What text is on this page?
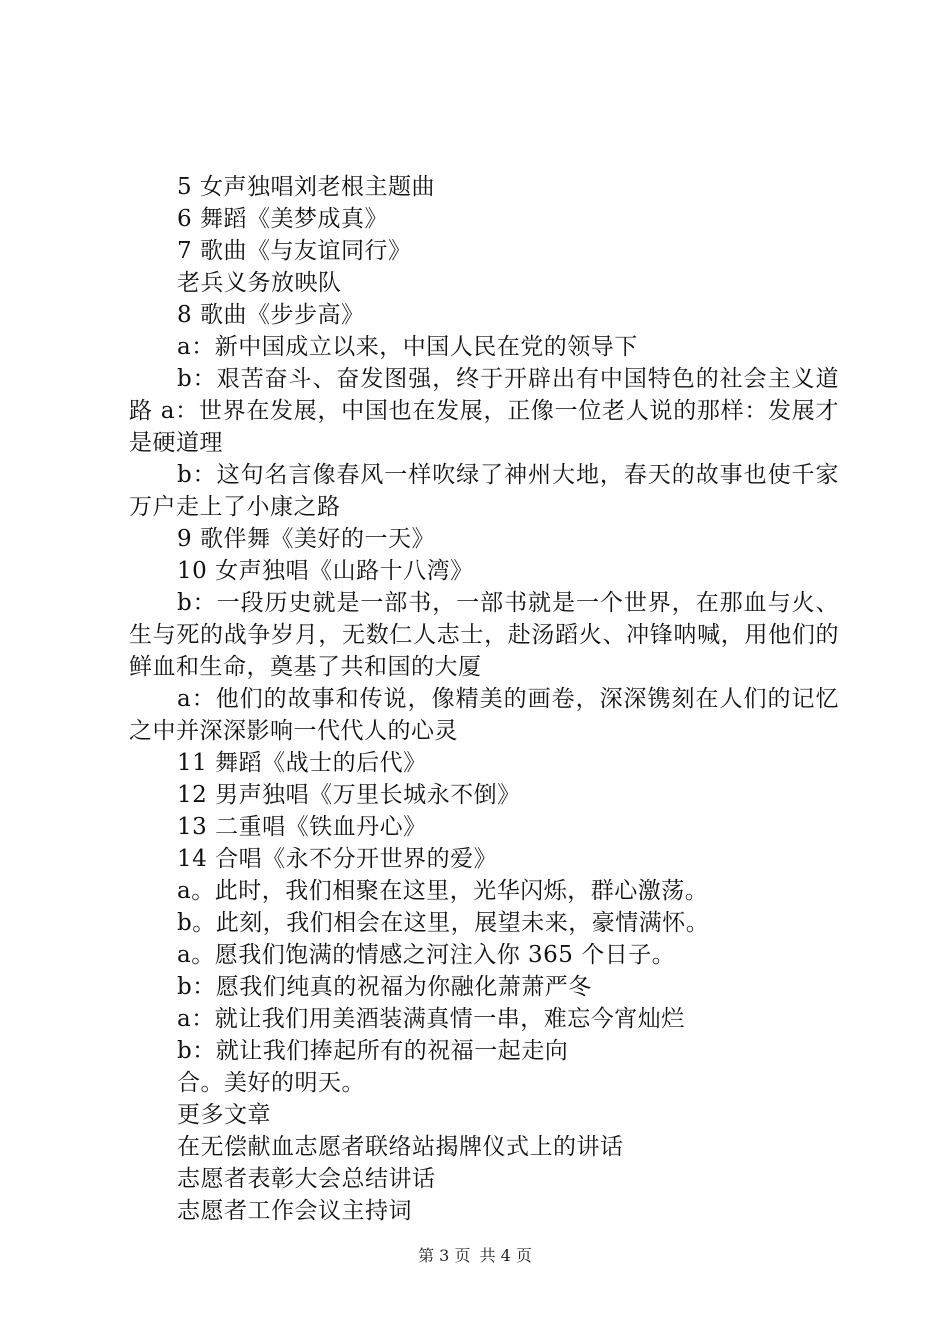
5 女声独唱刘老根主题曲
6 舞蹈《美梦成真》
7 歌曲《与友谊同行》
老兵义务放映队
8 歌曲《步步高》
a：新中国成立以来，中国人民在党的领导下
b：艰苦奋斗、奋发图强，终于开辟出有中国特色的社会主义道路 a：世界在发展，中国也在发展，正像一位老人说的那样：发展才是硬道理
b：这句名言像春风一样吹绿了神州大地，春天的故事也使千家万户走上了小康之路
9 歌伴舞《美好的一天》
10 女声独唱《山路十八湾》
b：一段历史就是一部书，一部书就是一个世界，在那血与火、生与死的战争岁月，无数仁人志士，赴汤蹈火、冲锋呐喊，用他们的鲜血和生命，奠基了共和国的大厦
a：他们的故事和传说，像精美的画卷，深深镌刻在人们的记忆之中并深深影响一代代人的心灵
11 舞蹈《战士的后代》
12 男声独唱《万里长城永不倒》
13 二重唱《铁血丹心》
14 合唱《永不分开世界的爱》
a。此时，我们相聚在这里，光华闪烁，群心激荡。
b。此刻，我们相会在这里，展望未来，豪情满怀。
a。愿我们饱满的情感之河注入你 365 个日子。
b：愿我们纯真的祝福为你融化萧萧严冬
a：就让我们用美酒装满真情一串，难忘今宵灿烂
b：就让我们捧起所有的祝福一起走向
合。美好的明天。
更多文章
在无偿献血志愿者联络站揭牌仪式上的讲话
志愿者表彰大会总结讲话
志愿者工作会议主持词
第 3 页 共 4 页
